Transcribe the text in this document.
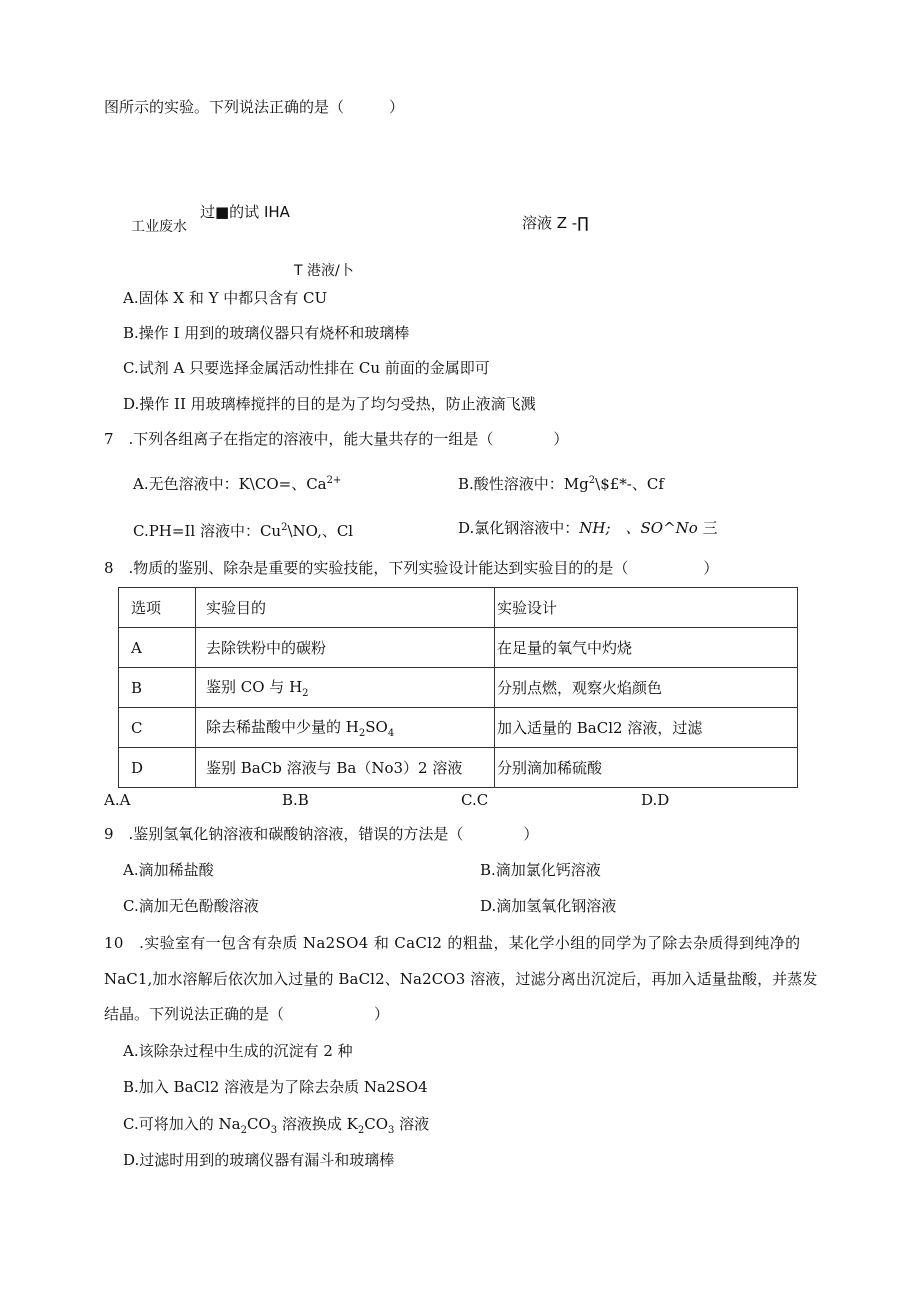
图所示的实验。下列说法正确的是（　　　）
工业废水
过■的试 IHA
溶液 Z -∏
T 港液/卜
A.固体 X 和 Y 中都只含有 CU
B.操作 I 用到的玻璃仪器只有烧杯和玻璃棒
C.试剂 A 只要选择金属活动性排在 Cu 前面的金属即可
D.操作 II 用玻璃棒搅拌的目的是为了均匀受热，防止液滴飞溅
7　.下列各组离子在指定的溶液中，能大量共存的一组是（　　　　）
A.无色溶液中：K\CO=、$Ca^{2+}$	B.酸性溶液中：Mg$^2$\$£*-、Cf
C.PH=Il 溶液中：Cu$^2$\NO,、Cl	D.氯化钢溶液中：NH;　、SO^No 三
8　.物质的鉴别、除杂是重要的实验技能，下列实验设计能达到实验目的的是（　　　　　）
选项	实验目的	实验设计
A	去除铁粉中的碳粉	在足量的氧气中灼烧
B	鉴别 CO 与 $H_2$	分别点燃，观察火焰颜色
C	除去稀盐酸中少量的 $H_2SO_4$	加入适量的 BaCl2 溶液，过滤
D	鉴别 BaCb 溶液与 Ba（No3）2 溶液	分别滴加稀硫酸
A.A	B.B	C.C	D.D
9　.鉴别氢氧化钠溶液和碳酸钠溶液，错误的方法是（　　　　）
A.滴加稀盐酸	B.滴加氯化钙溶液
C.滴加无色酚酸溶液	D.滴加氢氧化钢溶液
10　.实验室有一包含有杂质 Na2SO4 和 CaCl2 的粗盐，某化学小组的同学为了除去杂质得到纯净的
NaC1,加水溶解后依次加入过量的 BaCl2、Na2CO3 溶液，过滤分离出沉淀后，再加入适量盐酸，并蒸发
结晶。下列说法正确的是（　　　　　　）
A.该除杂过程中生成的沉淀有 2 种
B.加入 BaCl2 溶液是为了除去杂质 Na2SO4
C.可将加入的 $Na_2CO_3$ 溶液换成 $K_2CO_3$ 溶液
D.过滤时用到的玻璃仪器有漏斗和玻璃棒
